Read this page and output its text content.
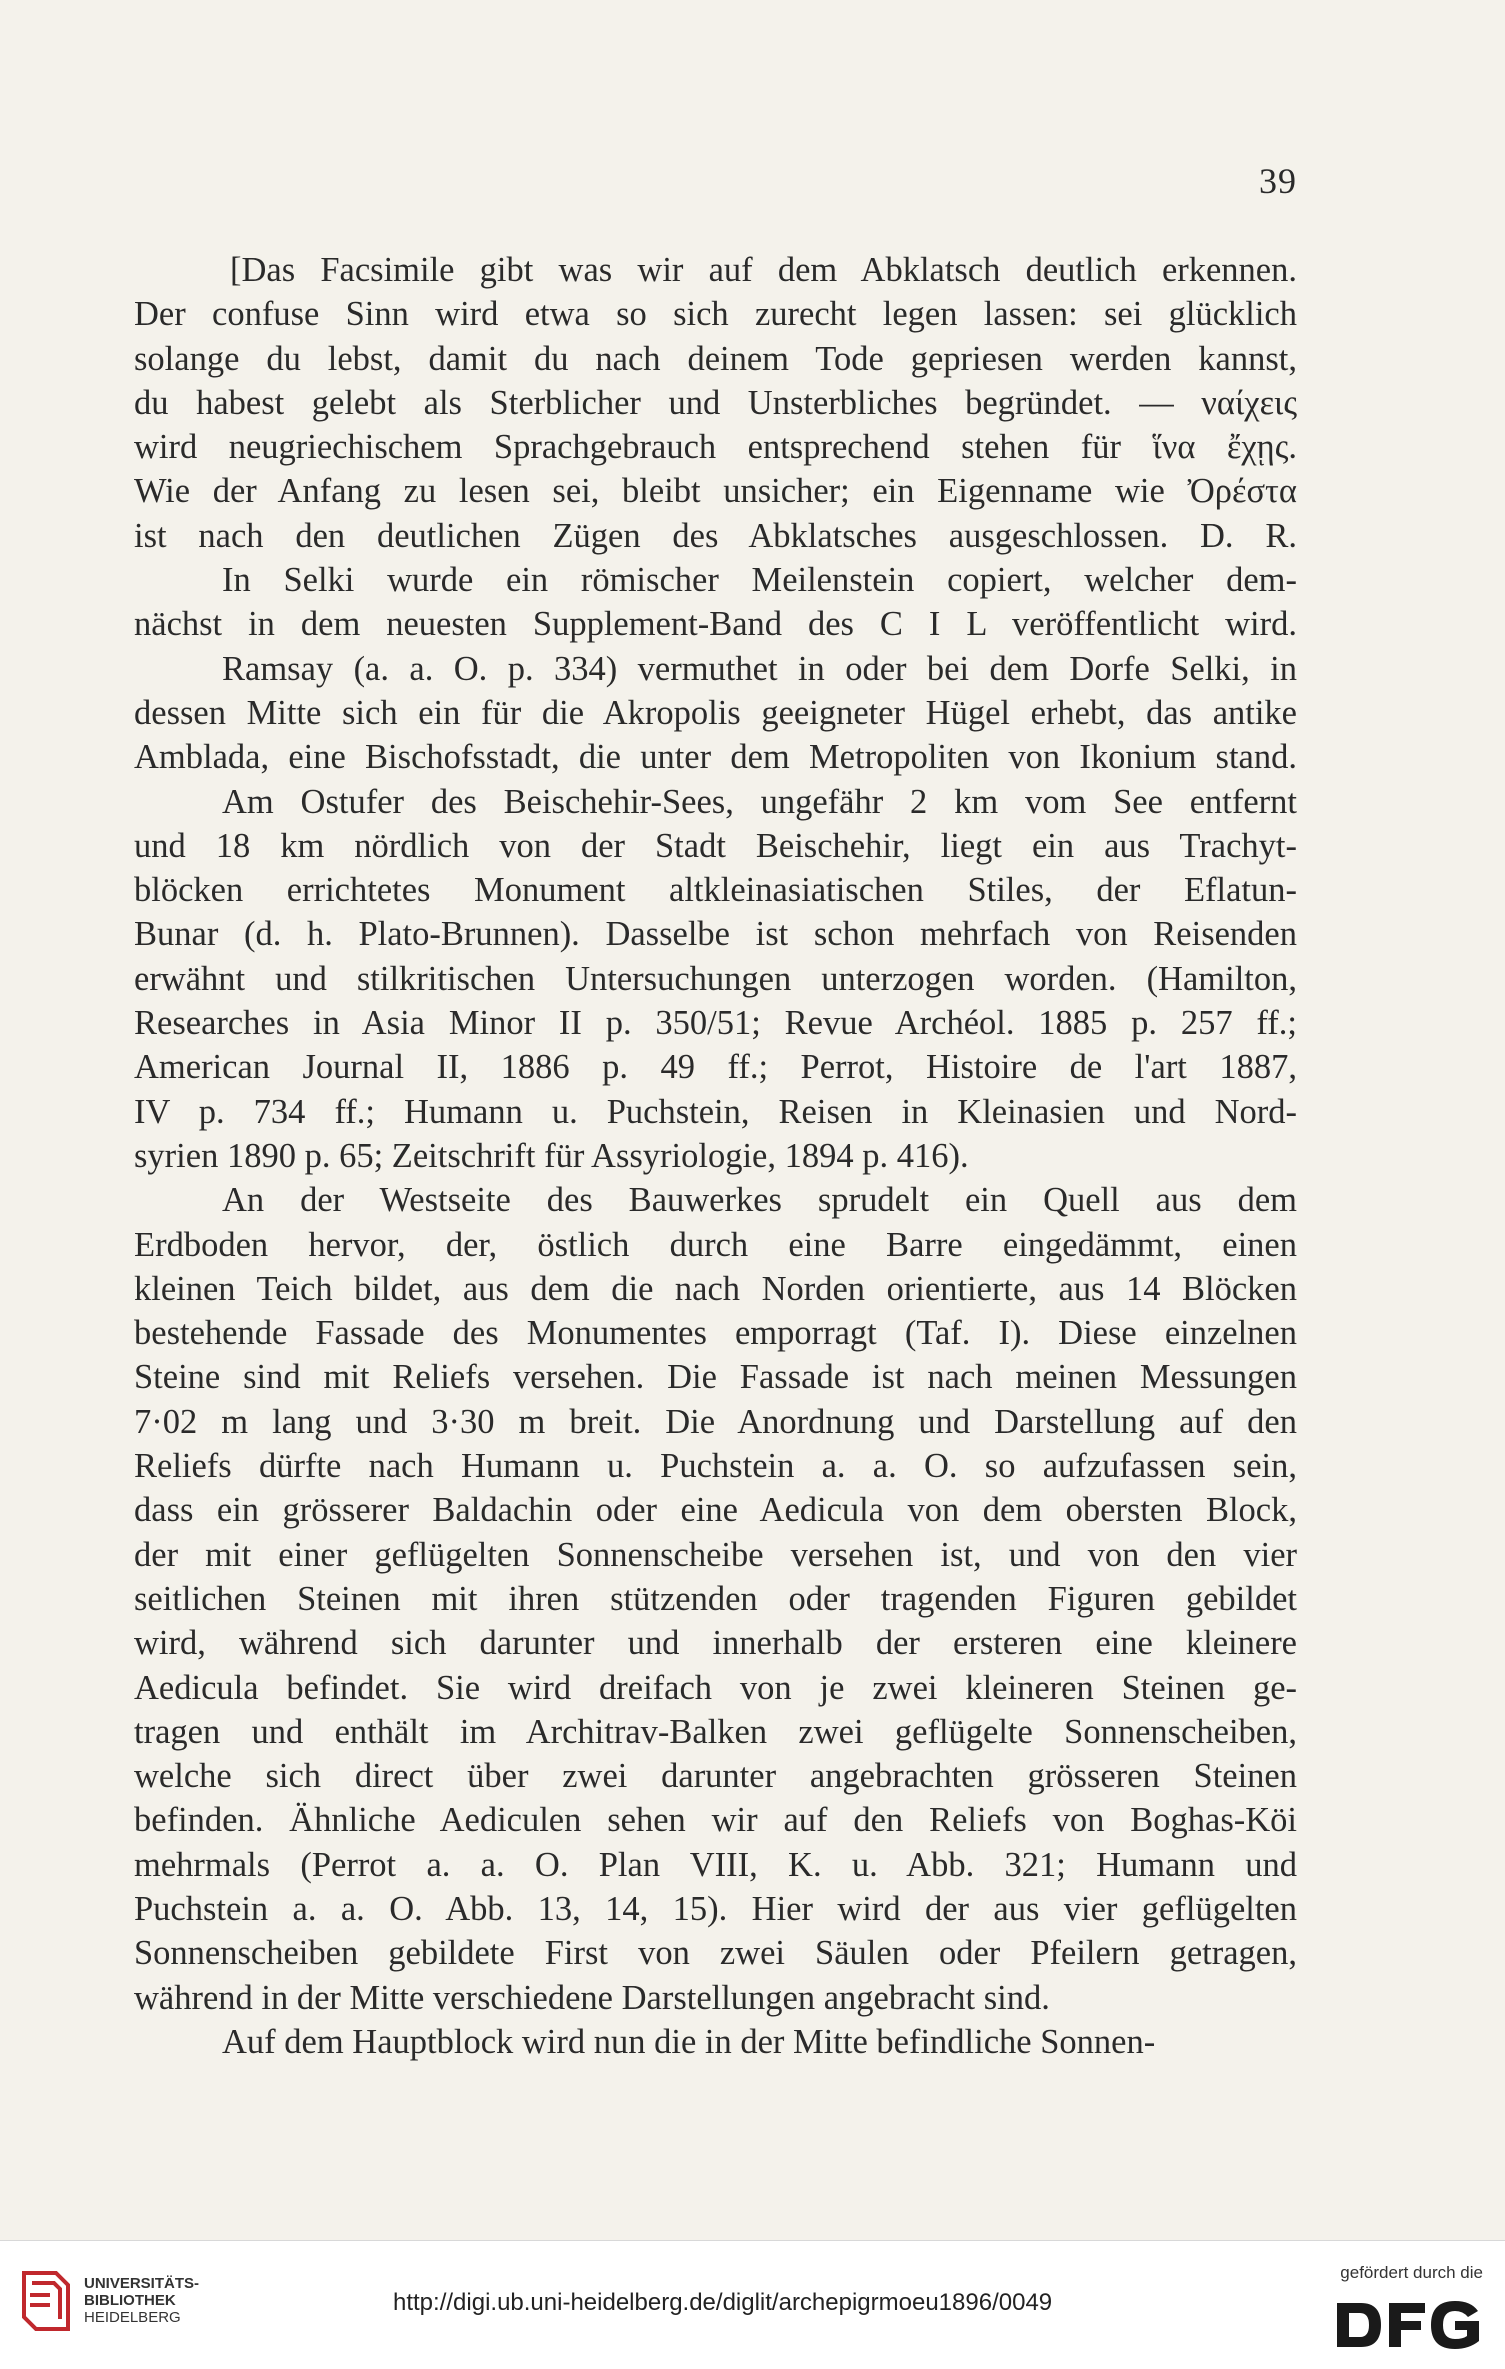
39
[Das Facsimile gibt was wir auf dem Abklatsch deutlich erkennen.
Der confuse Sinn wird etwa so sich zurecht legen lassen: sei glücklich
solange du lebst, damit du nach deinem Tode gepriesen werden kannst,
du habest gelebt als Sterblicher und Unsterbliches begründet. — ναίχεις
wird neugriechischem Sprachgebrauch entsprechend stehen für ἵνα ἔχῃς.
Wie der Anfang zu lesen sei, bleibt unsicher; ein Eigenname wie Ὀρέστα
ist nach den deutlichen Zügen des Abklatsches ausgeschlossen. D. R.
In Selki wurde ein römischer Meilenstein copiert, welcher dem-
nächst in dem neuesten Supplement-Band des C I L veröffentlicht wird.
Ramsay (a. a. O. p. 334) vermuthet in oder bei dem Dorfe Selki, in
dessen Mitte sich ein für die Akropolis geeigneter Hügel erhebt, das antike
Amblada, eine Bischofsstadt, die unter dem Metropoliten von Ikonium stand.
Am Ostufer des Beischehir-Sees, ungefähr 2 km vom See entfernt
und 18 km nördlich von der Stadt Beischehir, liegt ein aus Trachyt-
blöcken errichtetes Monument altkleinasiatischen Stiles, der Eflatun-
Bunar (d. h. Plato-Brunnen). Dasselbe ist schon mehrfach von Reisenden
erwähnt und stilkritischen Untersuchungen unterzogen worden. (Hamilton,
Researches in Asia Minor II p. 350/51; Revue Archéol. 1885 p. 257 ff.;
American Journal II, 1886 p. 49 ff.; Perrot, Histoire de l'art 1887,
IV p. 734 ff.; Humann u. Puchstein, Reisen in Kleinasien und Nord-
syrien 1890 p. 65; Zeitschrift für Assyriologie, 1894 p. 416).
An der Westseite des Bauwerkes sprudelt ein Quell aus dem
Erdboden hervor, der, östlich durch eine Barre eingedämmt, einen
kleinen Teich bildet, aus dem die nach Norden orientierte, aus 14 Blöcken
bestehende Fassade des Monumentes emporragt (Taf. I). Diese einzelnen
Steine sind mit Reliefs versehen. Die Fassade ist nach meinen Messungen
7·02 m lang und 3·30 m breit. Die Anordnung und Darstellung auf den
Reliefs dürfte nach Humann u. Puchstein a. a. O. so aufzufassen sein,
dass ein grösserer Baldachin oder eine Aedicula von dem obersten Block,
der mit einer geflügelten Sonnenscheibe versehen ist, und von den vier
seitlichen Steinen mit ihren stützenden oder tragenden Figuren gebildet
wird, während sich darunter und innerhalb der ersteren eine kleinere
Aedicula befindet. Sie wird dreifach von je zwei kleineren Steinen ge-
tragen und enthält im Architrav-Balken zwei geflügelte Sonnenscheiben,
welche sich direct über zwei darunter angebrachten grösseren Steinen
befinden. Ähnliche Aediculen sehen wir auf den Reliefs von Boghas-Köi
mehrmals (Perrot a. a. O. Plan VIII, K. u. Abb. 321; Humann und
Puchstein a. a. O. Abb. 13, 14, 15). Hier wird der aus vier geflügelten
Sonnenscheiben gebildete First von zwei Säulen oder Pfeilern getragen,
während in der Mitte verschiedene Darstellungen angebracht sind.
Auf dem Hauptblock wird nun die in der Mitte befindliche Sonnen-
UNIVERSITÄTS-
BIBLIOTHEK
HEIDELBERG
http://digi.ub.uni-heidelberg.de/diglit/archepigrmoeu1896/0049
gefördert durch die
